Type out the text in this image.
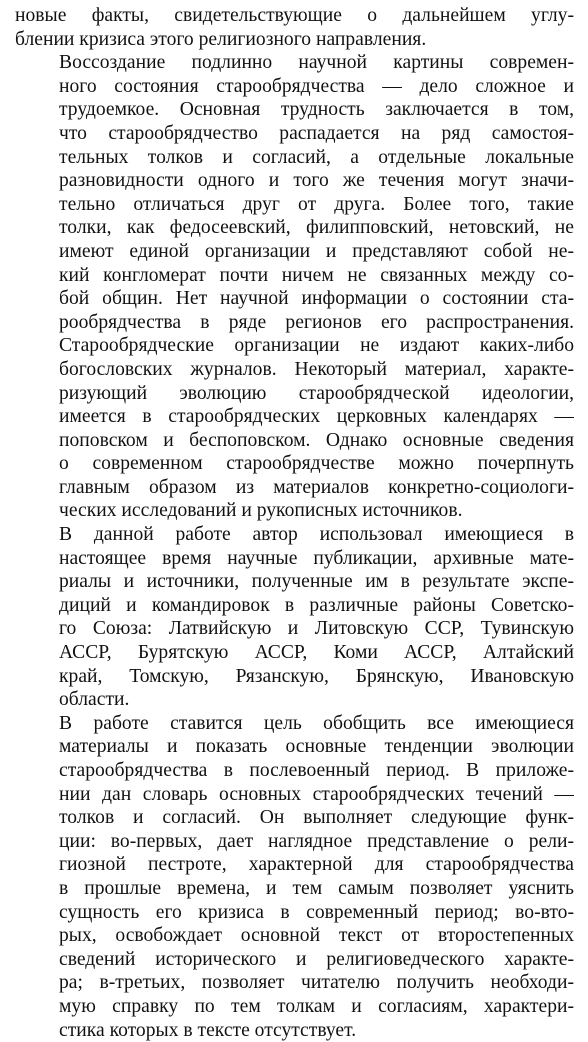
новые факты, свидетельствующие о дальнейшем углу-
блении кризиса этого религиозного направления.

Воссоздание подлинно научной картины современ-
ного состояния старообрядчества — дело сложное и
трудоемкое. Основная трудность заключается в том,
что старообрядчество распадается на ряд самостоя-
тельных толков и согласий, а отдельные локальные
разновидности одного и того же течения могут значи-
тельно отличаться друг от друга. Более того, такие
толки, как федосеевский, филипповский, нетовский, не
имеют единой организации и представляют собой не-
кий конгломерат почти ничем не связанных между со-
бой общин. Нет научной информации о состоянии ста-
рообрядчества в ряде регионов его распространения.
Старообрядческие организации не издают каких-либо
богословских журналов. Некоторый материал, характе-
ризующий эволюцию старообрядческой идеологии,
имеется в старообрядческих церковных календарях —
поповском и беспоповском. Однако основные сведения
о современном старообрядчестве можно почерпнуть
главным образом из материалов конкретно-социологи-
ческих исследований и рукописных источников.

В данной работе автор использовал имеющиеся в
настоящее время научные публикации, архивные мате-
риалы и источники, полученные им в результате экспе-
диций и командировок в различные районы Советско-
го Союза: Латвийскую и Литовскую ССР, Тувинскую
АССР, Бурятскую АССР, Коми АССР, Алтайский
край, Томскую, Рязанскую, Брянскую, Ивановскую
области.

В работе ставится цель обобщить все имеющиеся
материалы и показать основные тенденции эволюции
старообрядчества в послевоенный период. В приложе-
нии дан словарь основных старообрядческих течений —
толков и согласий. Он выполняет следующие функ-
ции: во-первых, дает наглядное представление о рели-
гиозной пестроте, характерной для старообрядчества
в прошлые времена, и тем самым позволяет уяснить
сущность его кризиса в современный период; во-вто-
рых, освобождает основной текст от второстепенных
сведений исторического и религиоведческого характе-
ра; в-третьих, позволяет читателю получить необходи-
мую справку по тем толкам и согласиям, характери-
стика которых в тексте отсутствует.
